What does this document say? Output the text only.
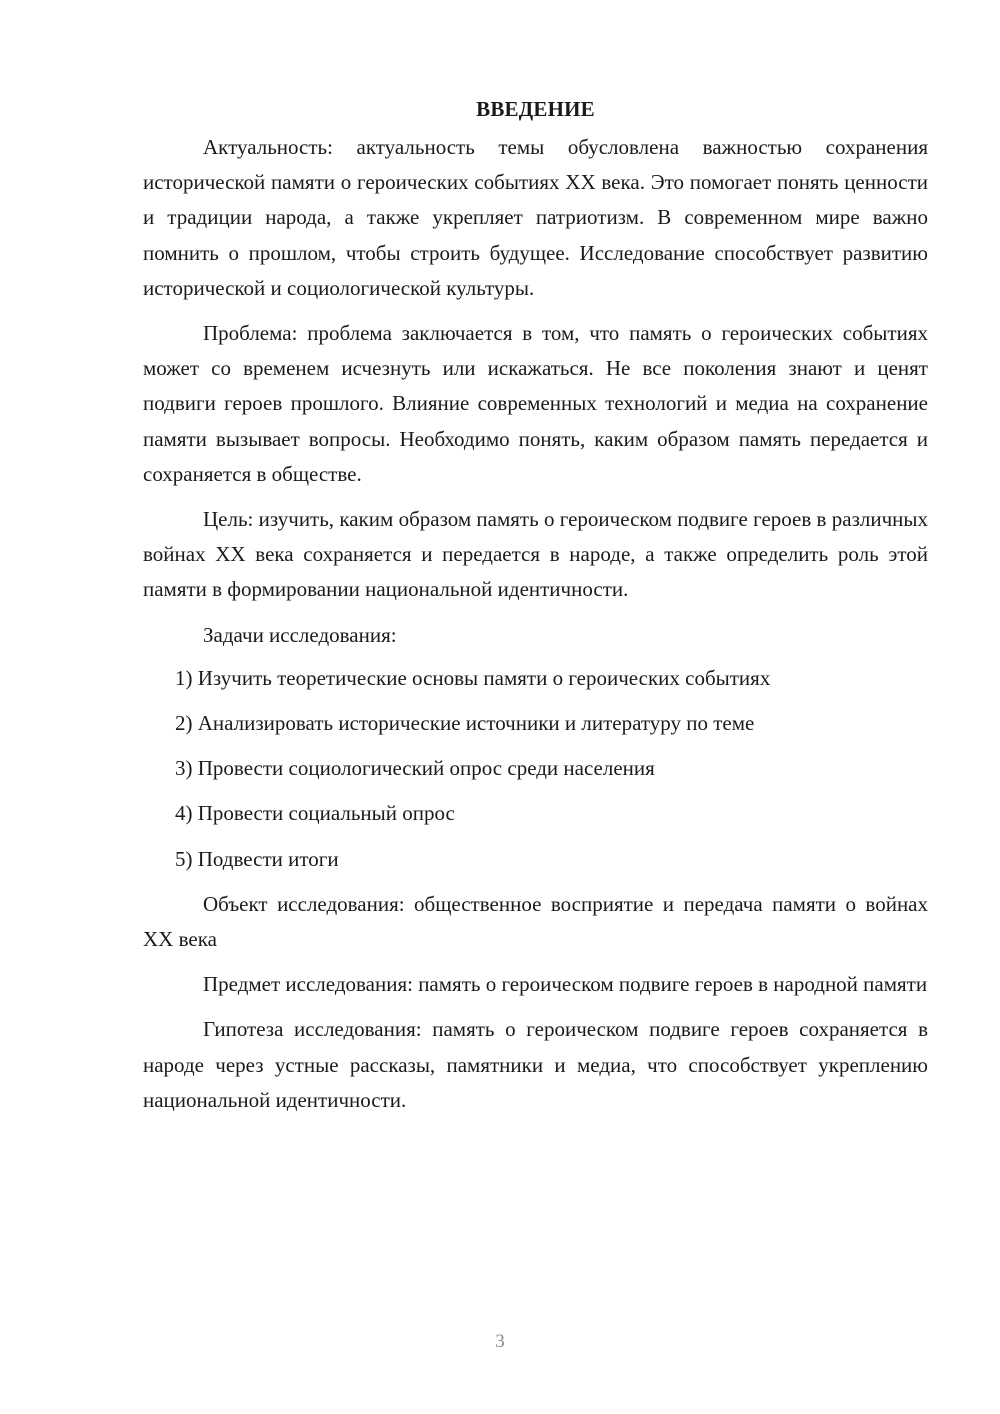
ВВЕДЕНИЕ

Актуальность: актуальность темы обусловлена важностью сохранения исторической памяти о героических событиях XX века. Это помогает понять ценности и традиции народа, а также укрепляет патриотизм. В современном мире важно помнить о прошлом, чтобы строить будущее. Исследование способствует развитию исторической и социологической культуры.

Проблема: проблема заключается в том, что память о героических событиях может со временем исчезнуть или искажаться. Не все поколения знают и ценят подвиги героев прошлого. Влияние современных технологий и медиа на сохранение памяти вызывает вопросы. Необходимо понять, каким образом память передается и сохраняется в обществе.

Цель: изучить, каким образом память о героическом подвиге героев в различных войнах XX века сохраняется и передается в народе, а также определить роль этой памяти в формировании национальной идентичности.

Задачи исследования:

1) Изучить теоретические основы памяти о героических событиях
2) Анализировать исторические источники и литературу по теме
3) Провести социологический опрос среди населения
4) Провести социальный опрос
5) Подвести итоги

Объект исследования: общественное восприятие и передача памяти о войнах XX века

Предмет исследования: память о героическом подвиге героев в народной памяти

Гипотеза исследования: память о героическом подвиге героев сохраняется в народе через устные рассказы, памятники и медиа, что способствует укреплению национальной идентичности.

3
